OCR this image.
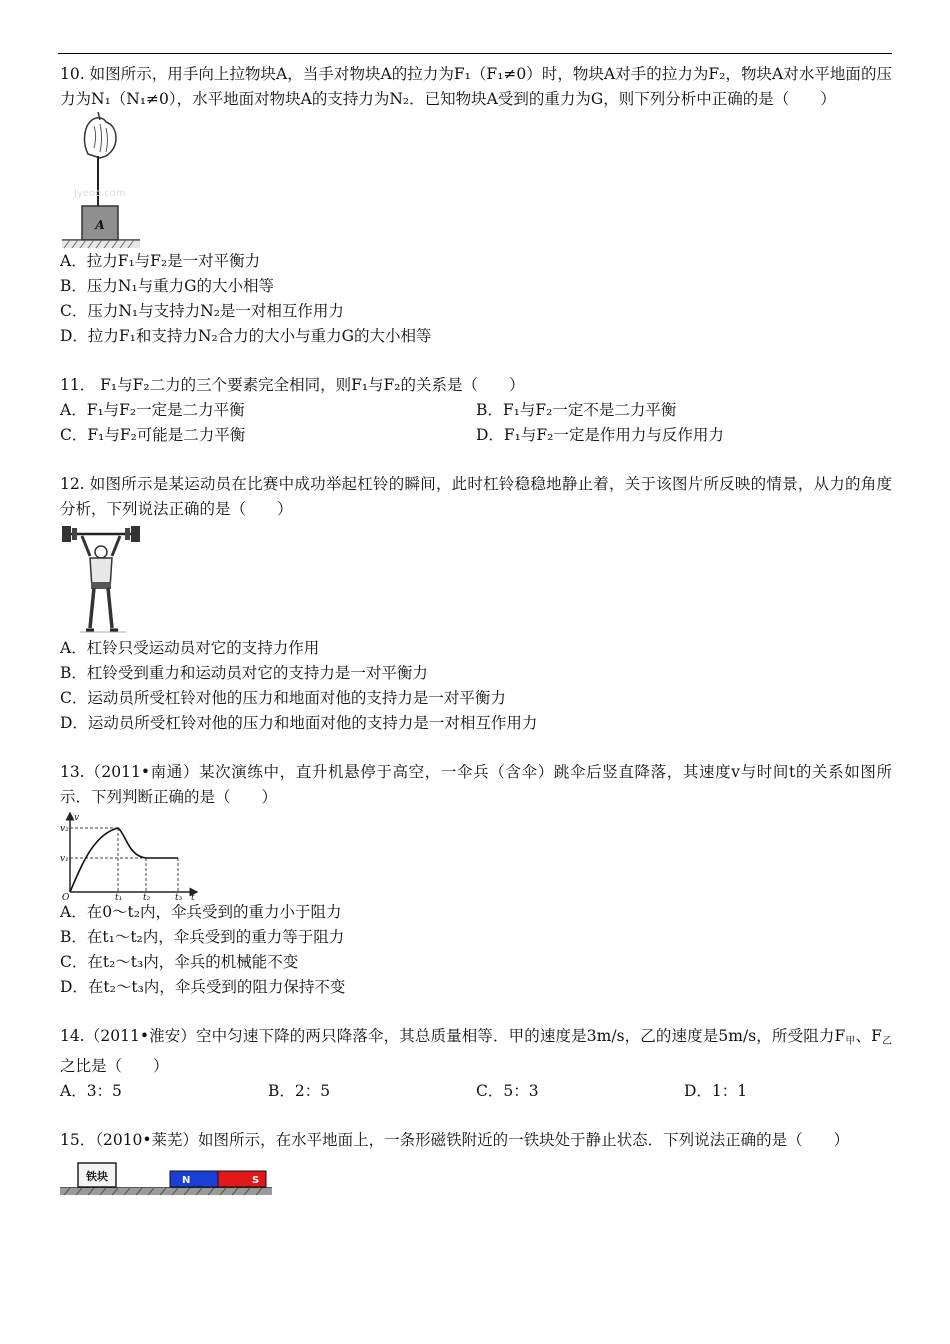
10. 如图所示，用手向上拉物块A，当手对物块A的拉力为F₁（F₁≠0）时，物块A对手的拉力为F₂，物块A对水平地面的压力为N₁（N₁≠0），水平地面对物块A的支持力为N₂．已知物块A受到的重力为G，则下列分析中正确的是（　　）

A
Jyeoo.com

A．拉力F₁与F₂是一对平衡力

B．压力N₁与重力G的大小相等

C．压力N₁与支持力N₂是一对相互作用力

D．拉力F₁和支持力N₂合力的大小与重力G的大小相等

11． F₁与F₂二力的三个要素完全相同，则F₁与F₂的关系是（　　）

A．F₁与F₂一定是二力平衡	B．F₁与F₂一定不是二力平衡

C．F₁与F₂可能是二力平衡	D．F₁与F₂一定是作用力与反作用力

12. 如图所示是某运动员在比赛中成功举起杠铃的瞬间，此时杠铃稳稳地静止着，关于该图片所反映的情景，从力的角度分析，下列说法正确的是（　　）

A．杠铃只受运动员对它的支持力作用

B．杠铃受到重力和运动员对它的支持力是一对平衡力

C．运动员所受杠铃对他的压力和地面对他的支持力是一对平衡力

D．运动员所受杠铃对他的压力和地面对他的支持力是一对相互作用力

13.（2011•南通）某次演练中，直升机悬停于高空，一伞兵（含伞）跳伞后竖直降落，其速度v与时间t的关系如图所示．下列判断正确的是（　　）

v
t
O
v₂
v₁
t₁ t₂	t₃

A．在0～t₂内，伞兵受到的重力小于阻力

B．在t₁～t₂内，伞兵受到的重力等于阻力

C．在t₂～t₃内，伞兵的机械能不变

D．在t₂～t₃内，伞兵受到的阻力保持不变

14.（2011•淮安）空中匀速下降的两只降落伞，其总质量相等．甲的速度是3m/s，乙的速度是5m/s，所受阻力F甲、F乙之比是（　　）

A．3：5	B．2：5	C．5：3	D．1：1

15．（2010•莱芜）如图所示，在水平地面上，一条形磁铁附近的一铁块处于静止状态．下列说法正确的是（　　）

铁块	N	S
